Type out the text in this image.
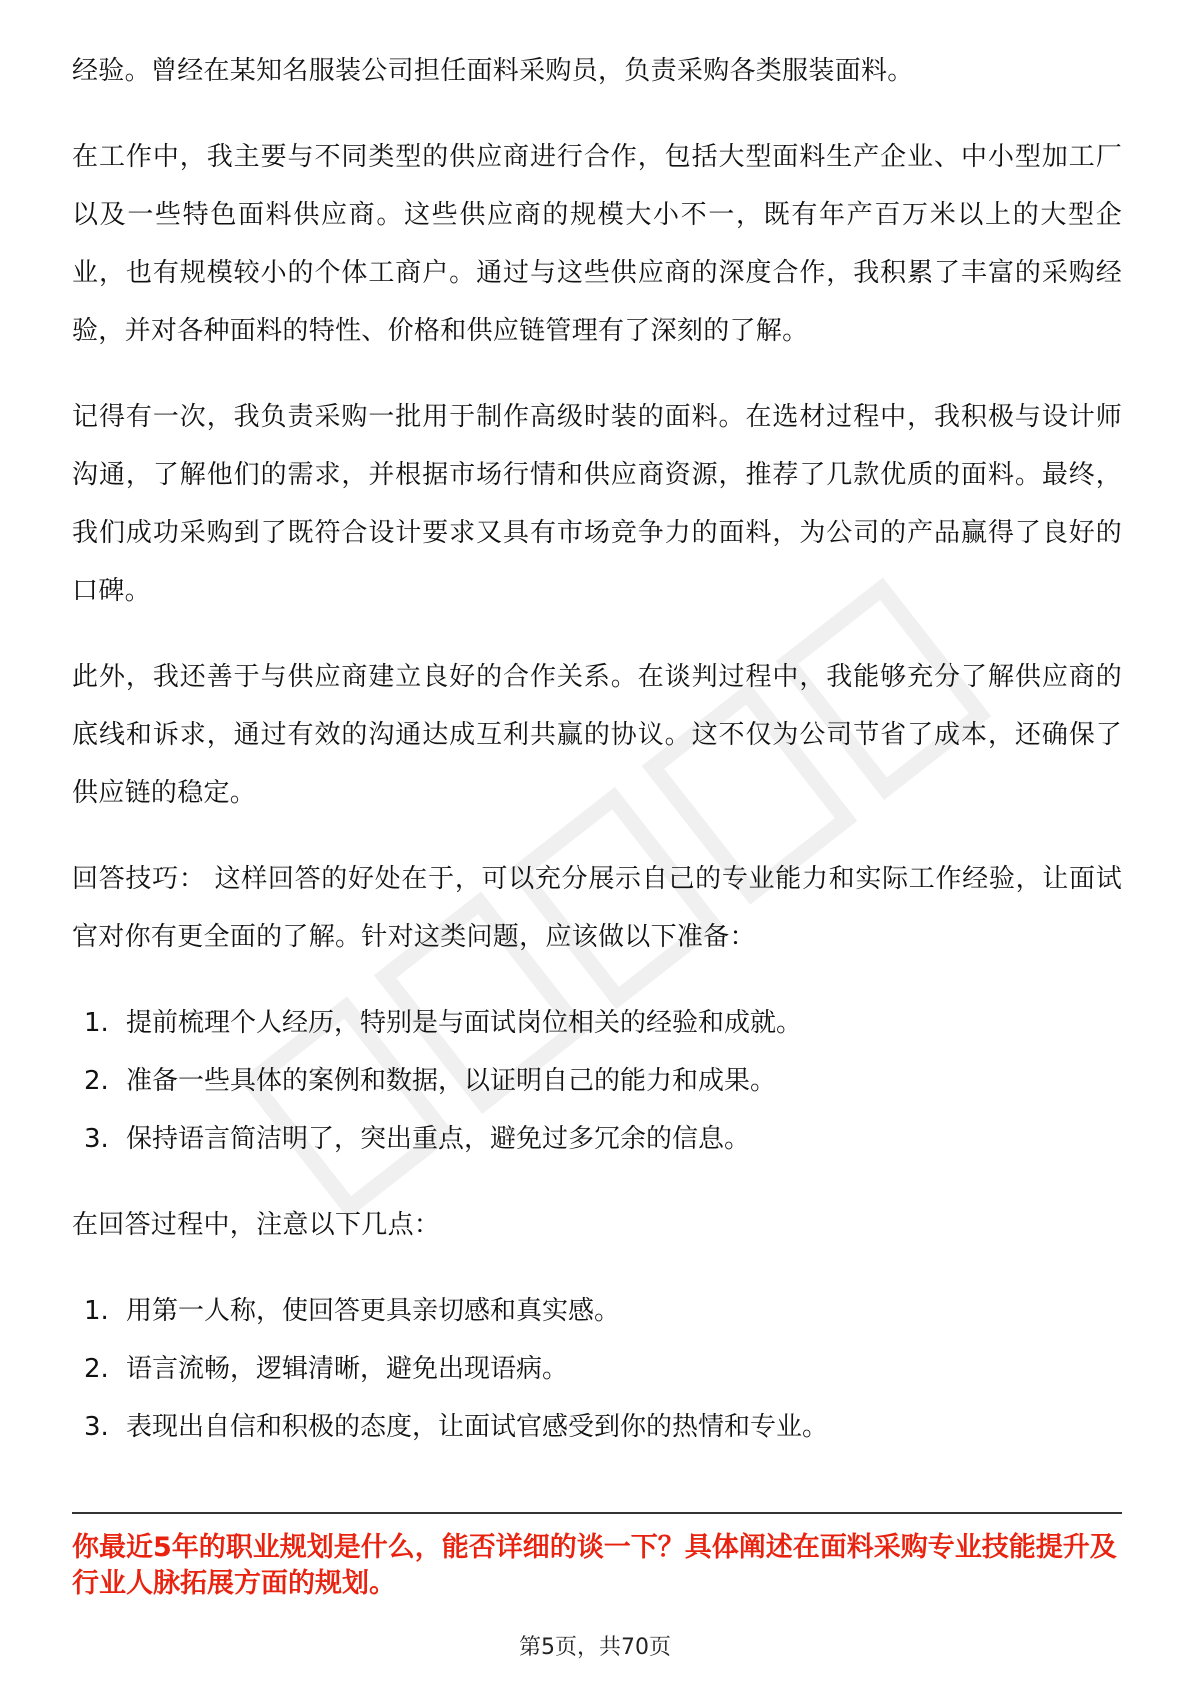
经验。曾经在某知名服装公司担任面料采购员，负责采购各类服装面料。

在工作中，我主要与不同类型的供应商进行合作，包括大型面料生产企业、中小型加工厂以及一些特色面料供应商。这些供应商的规模大小不一，既有年产百万米以上的大型企业，也有规模较小的个体工商户。通过与这些供应商的深度合作，我积累了丰富的采购经验，并对各种面料的特性、价格和供应链管理有了深刻的了解。

记得有一次，我负责采购一批用于制作高级时装的面料。在选材过程中，我积极与设计师沟通，了解他们的需求，并根据市场行情和供应商资源，推荐了几款优质的面料。最终，我们成功采购到了既符合设计要求又具有市场竞争力的面料，为公司的产品赢得了良好的口碑。

此外，我还善于与供应商建立良好的合作关系。在谈判过程中，我能够充分了解供应商的底线和诉求，通过有效的沟通达成互利共赢的协议。这不仅为公司节省了成本，还确保了供应链的稳定。

回答技巧： 这样回答的好处在于，可以充分展示自己的专业能力和实际工作经验，让面试官对你有更全面的了解。针对这类问题，应该做以下准备：

1. 提前梳理个人经历，特别是与面试岗位相关的经验和成就。
2. 准备一些具体的案例和数据，以证明自己的能力和成果。
3. 保持语言简洁明了，突出重点，避免过多冗余的信息。

在回答过程中，注意以下几点：

1. 用第一人称，使回答更具亲切感和真实感。
2. 语言流畅，逻辑清晰，避免出现语病。
3. 表现出自信和积极的态度，让面试官感受到你的热情和专业。

你最近5年的职业规划是什么，能否详细的谈一下？具体阐述在面料采购专业技能提升及行业人脉拓展方面的规划。

第5页，共70页
